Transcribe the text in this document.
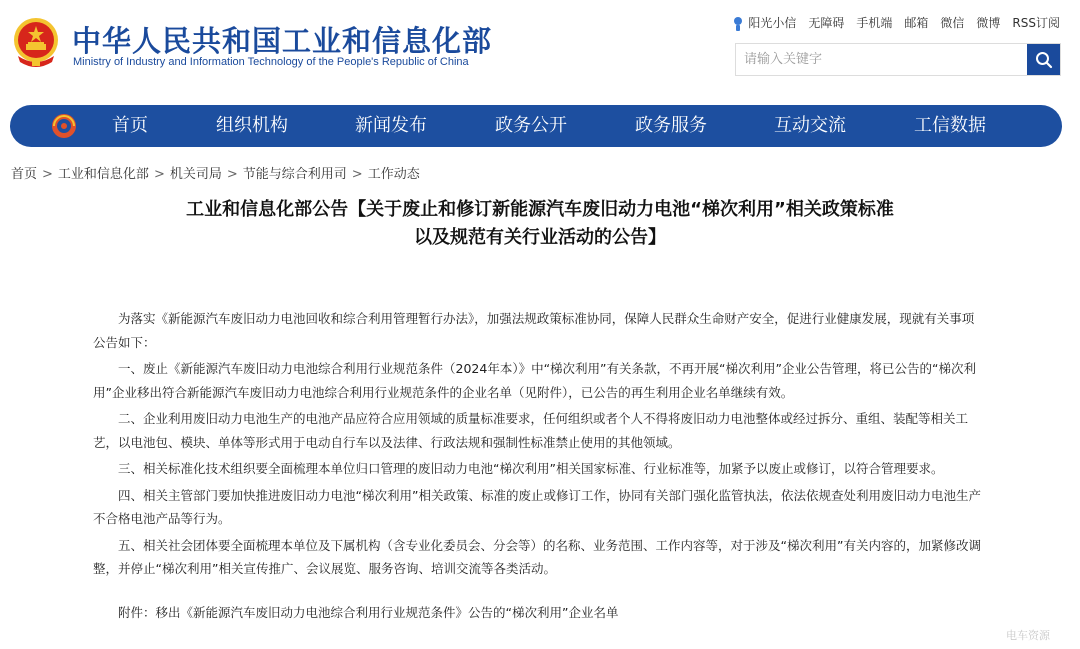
中华人民共和国工业和信息化部
Ministry of Industry and Information Technology of the People's Republic of China
阳光小信 无障碍 手机端 邮箱 微信 微博 RSS订阅
请输入关键字
首页	组织机构	新闻发布	政务公开	政务服务	互动交流	工信数据
首页 > 工业和信息化部 > 机关司局 > 节能与综合利用司 > 工作动态
工业和信息化部公告【关于废止和修订新能源汽车废旧动力电池“梯次利用”相关政策标准
以及规范有关行业活动的公告】

为落实《新能源汽车废旧动力电池回收和综合利用管理暂行办法》，加强法规政策标准协同，保障人民群众生命财产安全，促进行业健康发展，现就有关事项公告如下：

一、废止《新能源汽车废旧动力电池综合利用行业规范条件（2024年本）》中“梯次利用”有关条款，不再开展“梯次利用”企业公告管理，将已公告的“梯次利用”企业移出符合新能源汽车废旧动力电池综合利用行业规范条件的企业名单（见附件），已公告的再生利用企业名单继续有效。

二、企业利用废旧动力电池生产的电池产品应符合应用领域的质量标准要求，任何组织或者个人不得将废旧动力电池整体或经过拆分、重组、装配等相关工艺，以电池包、模块、单体等形式用于电动自行车以及法律、行政法规和强制性标准禁止使用的其他领域。

三、相关标准化技术组织要全面梳理本单位归口管理的废旧动力电池“梯次利用”相关国家标准、行业标准等，加紧予以废止或修订，以符合管理要求。

四、相关主管部门要加快推进废旧动力电池“梯次利用”相关政策、标准的废止或修订工作，协同有关部门强化监管执法，依法依规查处利用废旧动力电池生产不合格电池产品等行为。

五、相关社会团体要全面梳理本单位及下属机构（含专业化委员会、分会等）的名称、业务范围、工作内容等，对于涉及“梯次利用”有关内容的，加紧修改调整，并停止“梯次利用”相关宣传推广、会议展览、服务咨询、培训交流等各类活动。

附件：移出《新能源汽车废旧动力电池综合利用行业规范条件》公告的“梯次利用”企业名单

电车资源
